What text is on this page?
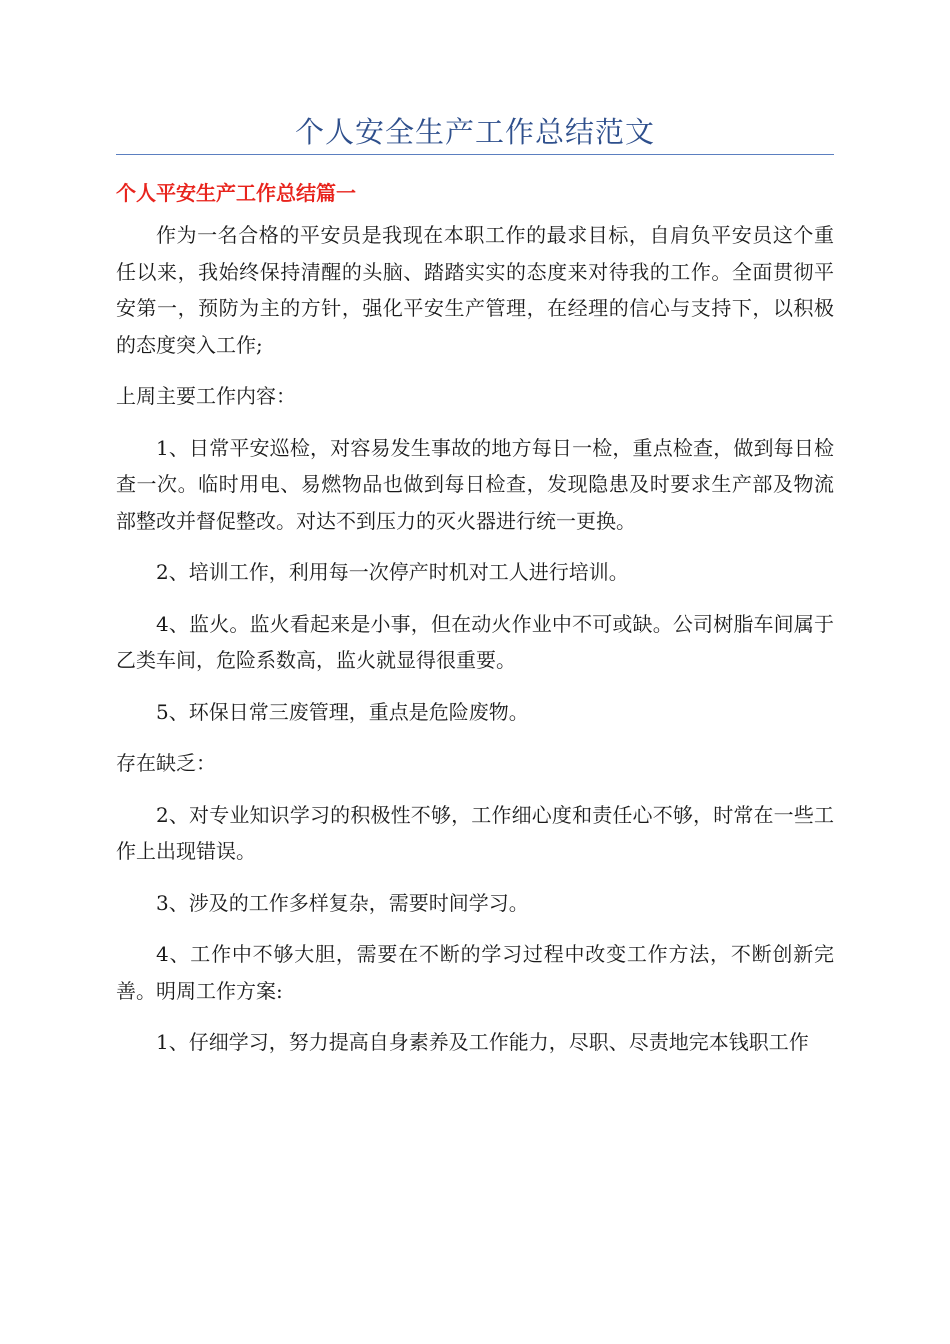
个人安全生产工作总结范文
个人平安生产工作总结篇一

作为一名合格的平安员是我现在本职工作的最求目标，自肩负平安员这个重任以来，我始终保持清醒的头脑、踏踏实实的态度来对待我的工作。全面贯彻平安第一，预防为主的方针，强化平安生产管理，在经理的信心与支持下，以积极的态度突入工作;

上周主要工作内容：

1、日常平安巡检，对容易发生事故的地方每日一检，重点检查，做到每日检查一次。临时用电、易燃物品也做到每日检查，发现隐患及时要求生产部及物流部整改并督促整改。对达不到压力的灭火器进行统一更换。

2、培训工作，利用每一次停产时机对工人进行培训。

4、监火。监火看起来是小事，但在动火作业中不可或缺。公司树脂车间属于乙类车间，危险系数高，监火就显得很重要。

5、环保日常三废管理，重点是危险废物。

存在缺乏：

2、对专业知识学习的积极性不够，工作细心度和责任心不够，时常在一些工作上出现错误。

3、涉及的工作多样复杂，需要时间学习。

4、工作中不够大胆，需要在不断的学习过程中改变工作方法，不断创新完善。明周工作方案:

1、仔细学习，努力提高自身素养及工作能力，尽职、尽责地完本钱职工作
